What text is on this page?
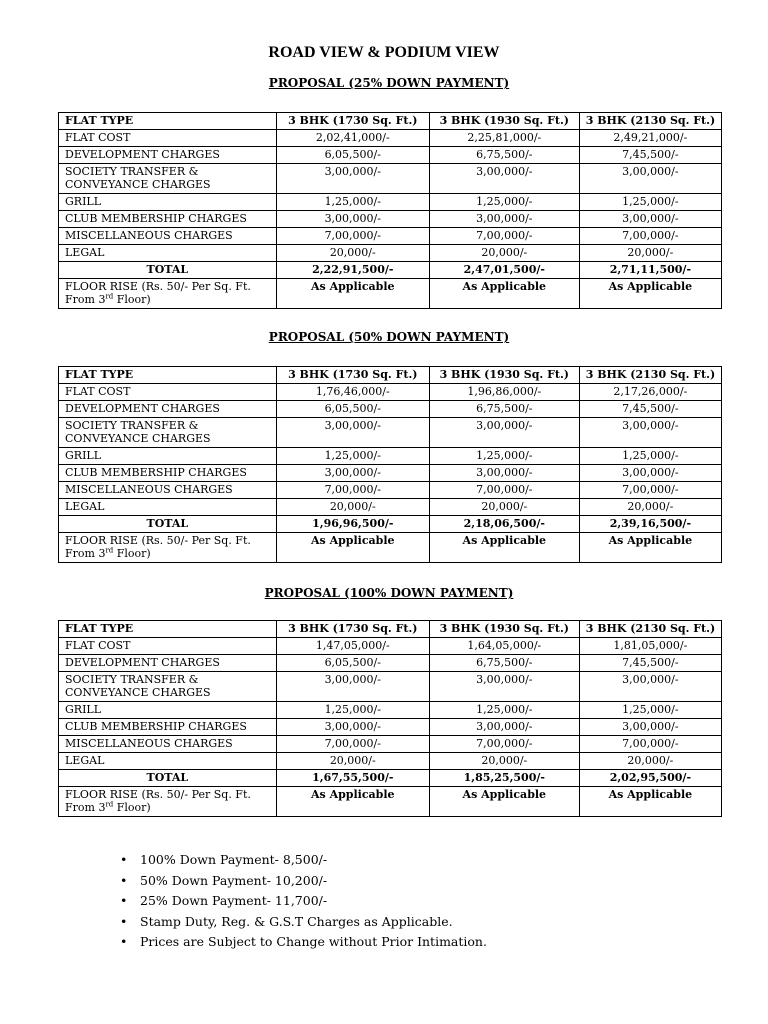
ROAD VIEW & PODIUM VIEW
PROPOSAL (25% DOWN PAYMENT)
FLAT TYPE	3 BHK (1730 Sq. Ft.)	3 BHK (1930 Sq. Ft.)	3 BHK (2130 Sq. Ft.)
FLAT COST	2,02,41,000/-	2,25,81,000/-	2,49,21,000/-
DEVELOPMENT CHARGES	6,05,500/-	6,75,500/-	7,45,500/-
SOCIETY TRANSFER &
CONVEYANCE CHARGES	3,00,000/-	3,00,000/-	3,00,000/-
GRILL	1,25,000/-	1,25,000/-	1,25,000/-
CLUB MEMBERSHIP CHARGES	3,00,000/-	3,00,000/-	3,00,000/-
MISCELLANEOUS CHARGES	7,00,000/-	7,00,000/-	7,00,000/-
LEGAL	20,000/-	20,000/-	20,000/-
TOTAL	2,22,91,500/-	2,47,01,500/-	2,71,11,500/-
FLOOR RISE (Rs. 50/- Per Sq. Ft.
From 3rd Floor)	As Applicable	As Applicable	As Applicable
PROPOSAL (50% DOWN PAYMENT)
FLAT TYPE	3 BHK (1730 Sq. Ft.)	3 BHK (1930 Sq. Ft.)	3 BHK (2130 Sq. Ft.)
FLAT COST	1,76,46,000/-	1,96,86,000/-	2,17,26,000/-
DEVELOPMENT CHARGES	6,05,500/-	6,75,500/-	7,45,500/-
SOCIETY TRANSFER &
CONVEYANCE CHARGES	3,00,000/-	3,00,000/-	3,00,000/-
GRILL	1,25,000/-	1,25,000/-	1,25,000/-
CLUB MEMBERSHIP CHARGES	3,00,000/-	3,00,000/-	3,00,000/-
MISCELLANEOUS CHARGES	7,00,000/-	7,00,000/-	7,00,000/-
LEGAL	20,000/-	20,000/-	20,000/-
TOTAL	1,96,96,500/-	2,18,06,500/-	2,39,16,500/-
FLOOR RISE (Rs. 50/- Per Sq. Ft.
From 3rd Floor)	As Applicable	As Applicable	As Applicable
PROPOSAL (100% DOWN PAYMENT)
FLAT TYPE	3 BHK (1730 Sq. Ft.)	3 BHK (1930 Sq. Ft.)	3 BHK (2130 Sq. Ft.)
FLAT COST	1,47,05,000/-	1,64,05,000/-	1,81,05,000/-
DEVELOPMENT CHARGES	6,05,500/-	6,75,500/-	7,45,500/-
SOCIETY TRANSFER &
CONVEYANCE CHARGES	3,00,000/-	3,00,000/-	3,00,000/-
GRILL	1,25,000/-	1,25,000/-	1,25,000/-
CLUB MEMBERSHIP CHARGES	3,00,000/-	3,00,000/-	3,00,000/-
MISCELLANEOUS CHARGES	7,00,000/-	7,00,000/-	7,00,000/-
LEGAL	20,000/-	20,000/-	20,000/-
TOTAL	1,67,55,500/-	1,85,25,500/-	2,02,95,500/-
FLOOR RISE (Rs. 50/- Per Sq. Ft.
From 3rd Floor)	As Applicable	As Applicable	As Applicable
• 100% Down Payment- 8,500/-
• 50% Down Payment- 10,200/-
• 25% Down Payment- 11,700/-
• Stamp Duty, Reg. & G.S.T Charges as Applicable.
• Prices are Subject to Change without Prior Intimation.
